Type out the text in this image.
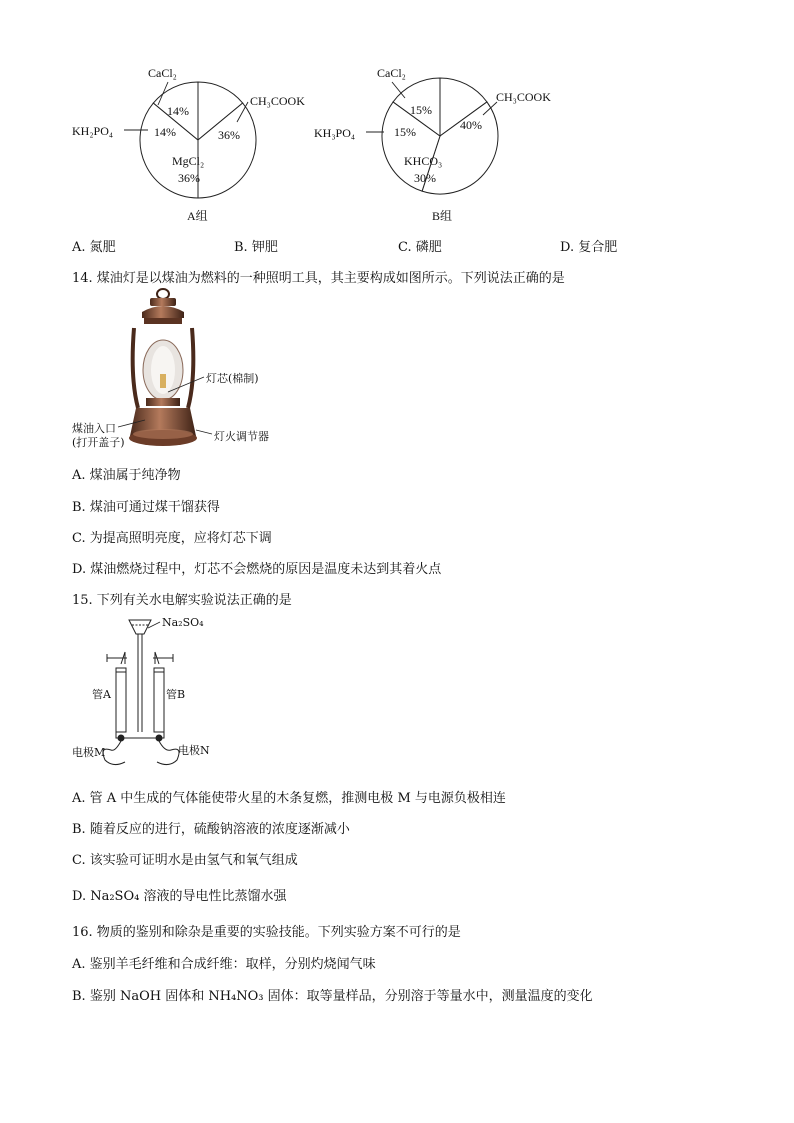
CaCl₂
CH₃COOK
KH₂PO₄
MgCl₂
14%
14%	36%
36%
A组
CaCl₂
CH₃COOK
KH₃PO₄
KHCO₃
15%
15%	40%
30%
B组
A. 氮肥	B. 钾肥	C. 磷肥	D. 复合肥
14. 煤油灯是以煤油为燃料的一种照明工具，其主要构成如图所示。下列说法正确的是
灯芯(棉制)
煤油入口
(打开盖子)	灯火调节器
A. 煤油属于纯净物
B. 煤油可通过煤干馏获得
C. 为提高照明亮度，应将灯芯下调
D. 煤油燃烧过程中，灯芯不会燃烧的原因是温度未达到其着火点
15. 下列有关水电解实验说法正确的是
Na₂SO₄
管A	管B
电极M	电极N
A. 管 A 中生成的气体能使带火星的木条复燃，推测电极 M 与电源负极相连
B. 随着反应的进行，硫酸钠溶液的浓度逐渐减小
C. 该实验可证明水是由氢气和氧气组成
D. Na₂SO₄ 溶液的导电性比蒸馏水强
16. 物质的鉴别和除杂是重要的实验技能。下列实验方案不可行的是
A. 鉴别羊毛纤维和合成纤维：取样，分别灼烧闻气味
B. 鉴别 NaOH 固体和 NH₄NO₃ 固体：取等量样品，分别溶于等量水中，测量温度的变化
